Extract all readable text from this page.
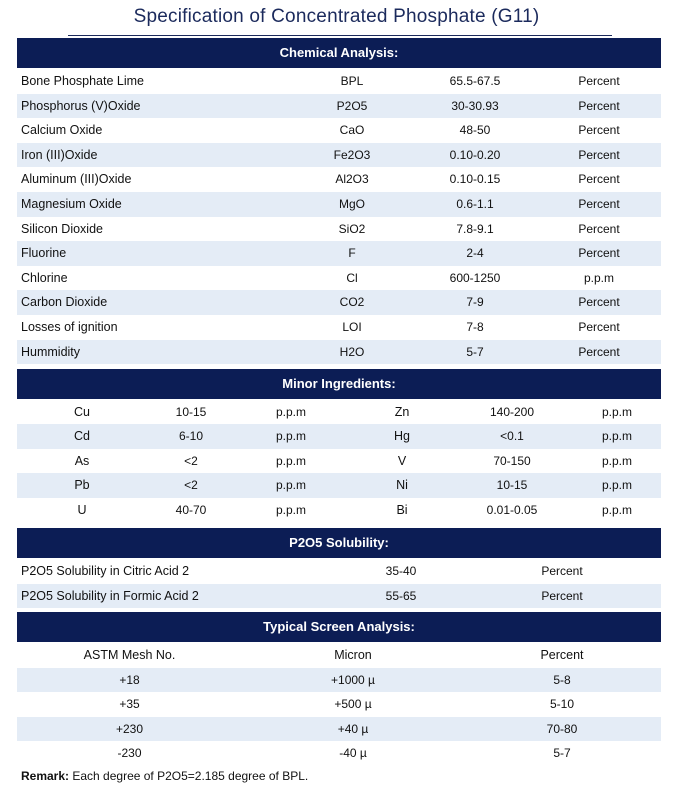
Specification of Concentrated Phosphate (G11)
Chemical Analysis:
Bone Phosphate Lime	BPL	65.5-67.5	Percent
Phosphorus (V)Oxide	P2O5	30-30.93	Percent
Calcium Oxide	CaO	48-50	Percent
Iron (III)Oxide	Fe2O3	0.10-0.20	Percent
Aluminum (III)Oxide	Al2O3	0.10-0.15	Percent
Magnesium Oxide	MgO	0.6-1.1	Percent
Silicon Dioxide	SiO2	7.8-9.1	Percent
Fluorine	F	2-4	Percent
Chlorine	Cl	600-1250	p.p.m
Carbon Dioxide	CO2	7-9	Percent
Losses of ignition	LOI	7-8	Percent
Hummidity	H2O	5-7	Percent
Minor Ingredients:
Cu	10-15	p.p.m	Zn	140-200	p.p.m
Cd	6-10	p.p.m	Hg	<0.1	p.p.m
As	<2	p.p.m	V	70-150	p.p.m
Pb	<2	p.p.m	Ni	10-15	p.p.m
U	40-70	p.p.m	Bi	0.01-0.05	p.p.m
P2O5 Solubility:
P2O5 Solubility in Citric Acid 2	35-40	Percent
P2O5 Solubility in Formic Acid 2	55-65	Percent
Typical Screen Analysis:
ASTM Mesh No.	Micron	Percent
+18	+1000 µ	5-8
+35	+500 µ	5-10
+230	+40 µ	70-80
-230	-40 µ	5-7
Remark: Each degree of P2O5=2.185 degree of BPL.
